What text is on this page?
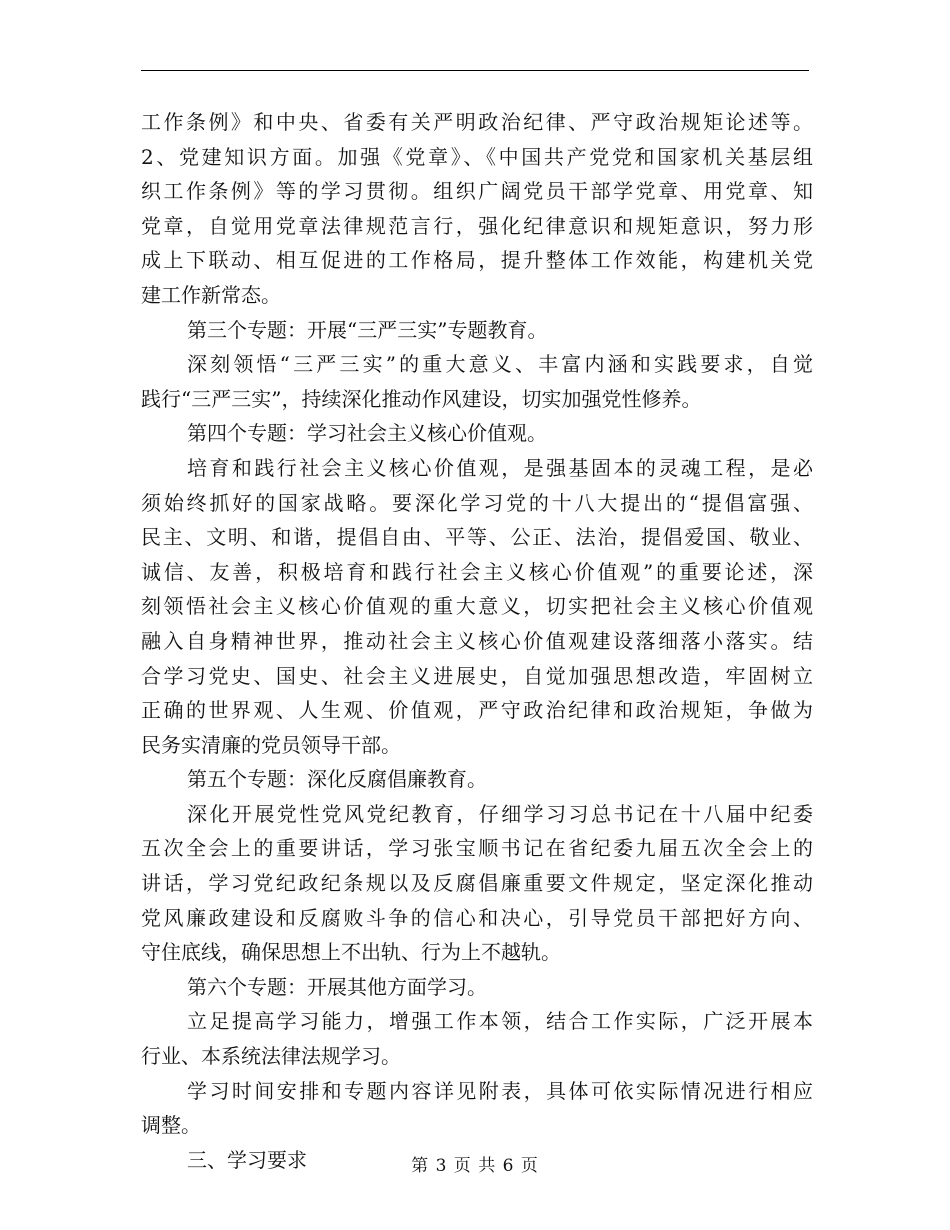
工作条例》和中央、省委有关严明政治纪律、严守政治规矩论述等。
2、党建知识方面。加强《党章》、《中国共产党党和国家机关基层组
织工作条例》等的学习贯彻。组织广阔党员干部学党章、用党章、知
党章，自觉用党章法律规范言行，强化纪律意识和规矩意识，努力形
成上下联动、相互促进的工作格局，提升整体工作效能，构建机关党
建工作新常态。
第三个专题：开展“三严三实”专题教育。
深刻领悟“三严三实”的重大意义、丰富内涵和实践要求，自觉
践行“三严三实”，持续深化推动作风建设，切实加强党性修养。
第四个专题：学习社会主义核心价值观。
培育和践行社会主义核心价值观，是强基固本的灵魂工程，是必
须始终抓好的国家战略。要深化学习党的十八大提出的“提倡富强、
民主、文明、和谐，提倡自由、平等、公正、法治，提倡爱国、敬业、
诚信、友善，积极培育和践行社会主义核心价值观”的重要论述，深
刻领悟社会主义核心价值观的重大意义，切实把社会主义核心价值观
融入自身精神世界，推动社会主义核心价值观建设落细落小落实。结
合学习党史、国史、社会主义进展史，自觉加强思想改造，牢固树立
正确的世界观、人生观、价值观，严守政治纪律和政治规矩，争做为
民务实清廉的党员领导干部。
第五个专题：深化反腐倡廉教育。
深化开展党性党风党纪教育，仔细学习习总书记在十八届中纪委
五次全会上的重要讲话，学习张宝顺书记在省纪委九届五次全会上的
讲话，学习党纪政纪条规以及反腐倡廉重要文件规定，坚定深化推动
党风廉政建设和反腐败斗争的信心和决心，引导党员干部把好方向、
守住底线，确保思想上不出轨、行为上不越轨。
第六个专题：开展其他方面学习。
立足提高学习能力，增强工作本领，结合工作实际，广泛开展本
行业、本系统法律法规学习。
学习时间安排和专题内容详见附表，具体可依实际情况进行相应
调整。
三、学习要求	第 3 页 共 6 页
